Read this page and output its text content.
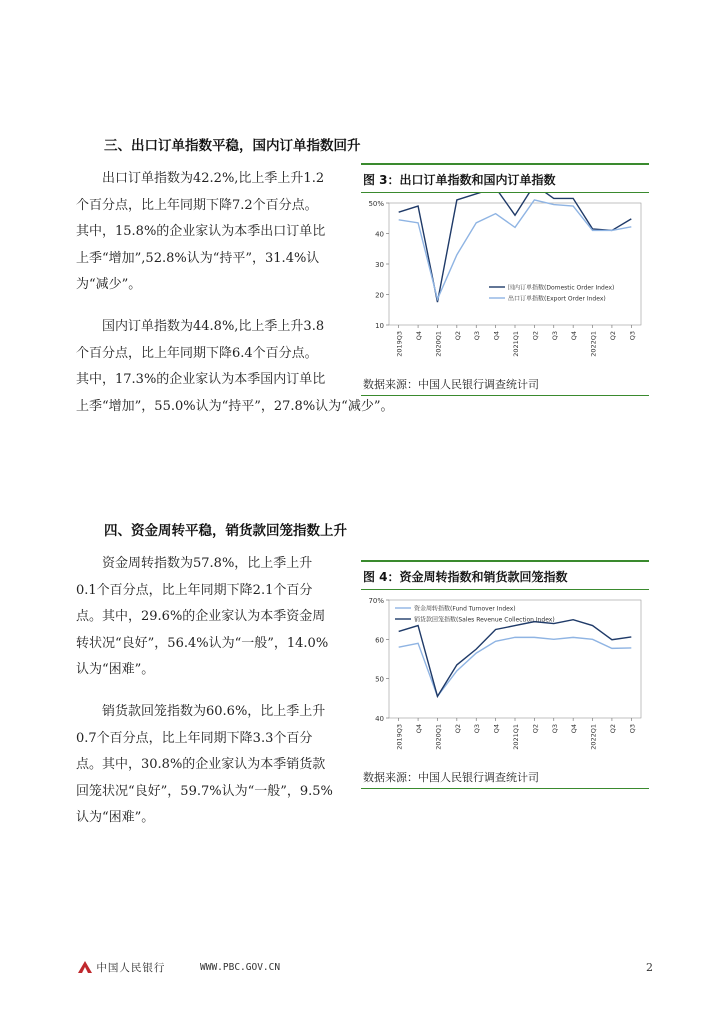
三、出口订单指数平稳，国内订单指数回升
　　出口订单指数为42.2%,比上季上升1.2
个百分点，比上年同期下降7.2个百分点。
其中，15.8%的企业家认为本季出口订单比
上季“增加”,52.8%认为“持平”，31.4%认
为“减少”。
　　国内订单指数为44.8%,比上季上升3.8
个百分点，比上年同期下降6.4个百分点。
其中，17.3%的企业家认为本季国内订单比
上季“增加”，55.0%认为“持平”，27.8%认为“减少”。
图 3：出口订单指数和国内订单指数
10
20
30
40
50%
2019Q3 Q4 2020Q1 Q2 Q3 Q4 2021Q1 Q2 Q3 Q4 2022Q1 Q2 Q3
国内订单指数(Domestic Order Index)
出口订单指数(Export Order Index)
数据来源：中国人民银行调查统计司
四、资金周转平稳，销货款回笼指数上升
　　资金周转指数为57.8%，比上季上升
0.1个百分点，比上年同期下降2.1个百分
点。其中，29.6%的企业家认为本季资金周
转状况“良好”，56.4%认为“一般”，14.0%
认为“困难”。
　　销货款回笼指数为60.6%，比上季上升
0.7个百分点，比上年同期下降3.3个百分
点。其中，30.8%的企业家认为本季销货款
回笼状况“良好”，59.7%认为“一般”，9.5%
认为“困难”。
图 4：资金周转指数和销货款回笼指数
40
50
60
70%
2019Q3 Q4 2020Q1 Q2 Q3 Q4 2021Q1 Q2 Q3 Q4 2022Q1 Q2 Q3
资金周转指数(Fund Turnover Index)
销货款回笼指数(Sales Revenue Collection Index)
数据来源：中国人民银行调查统计司
中国人民银行	WWW.PBC.GOV.CN	2
